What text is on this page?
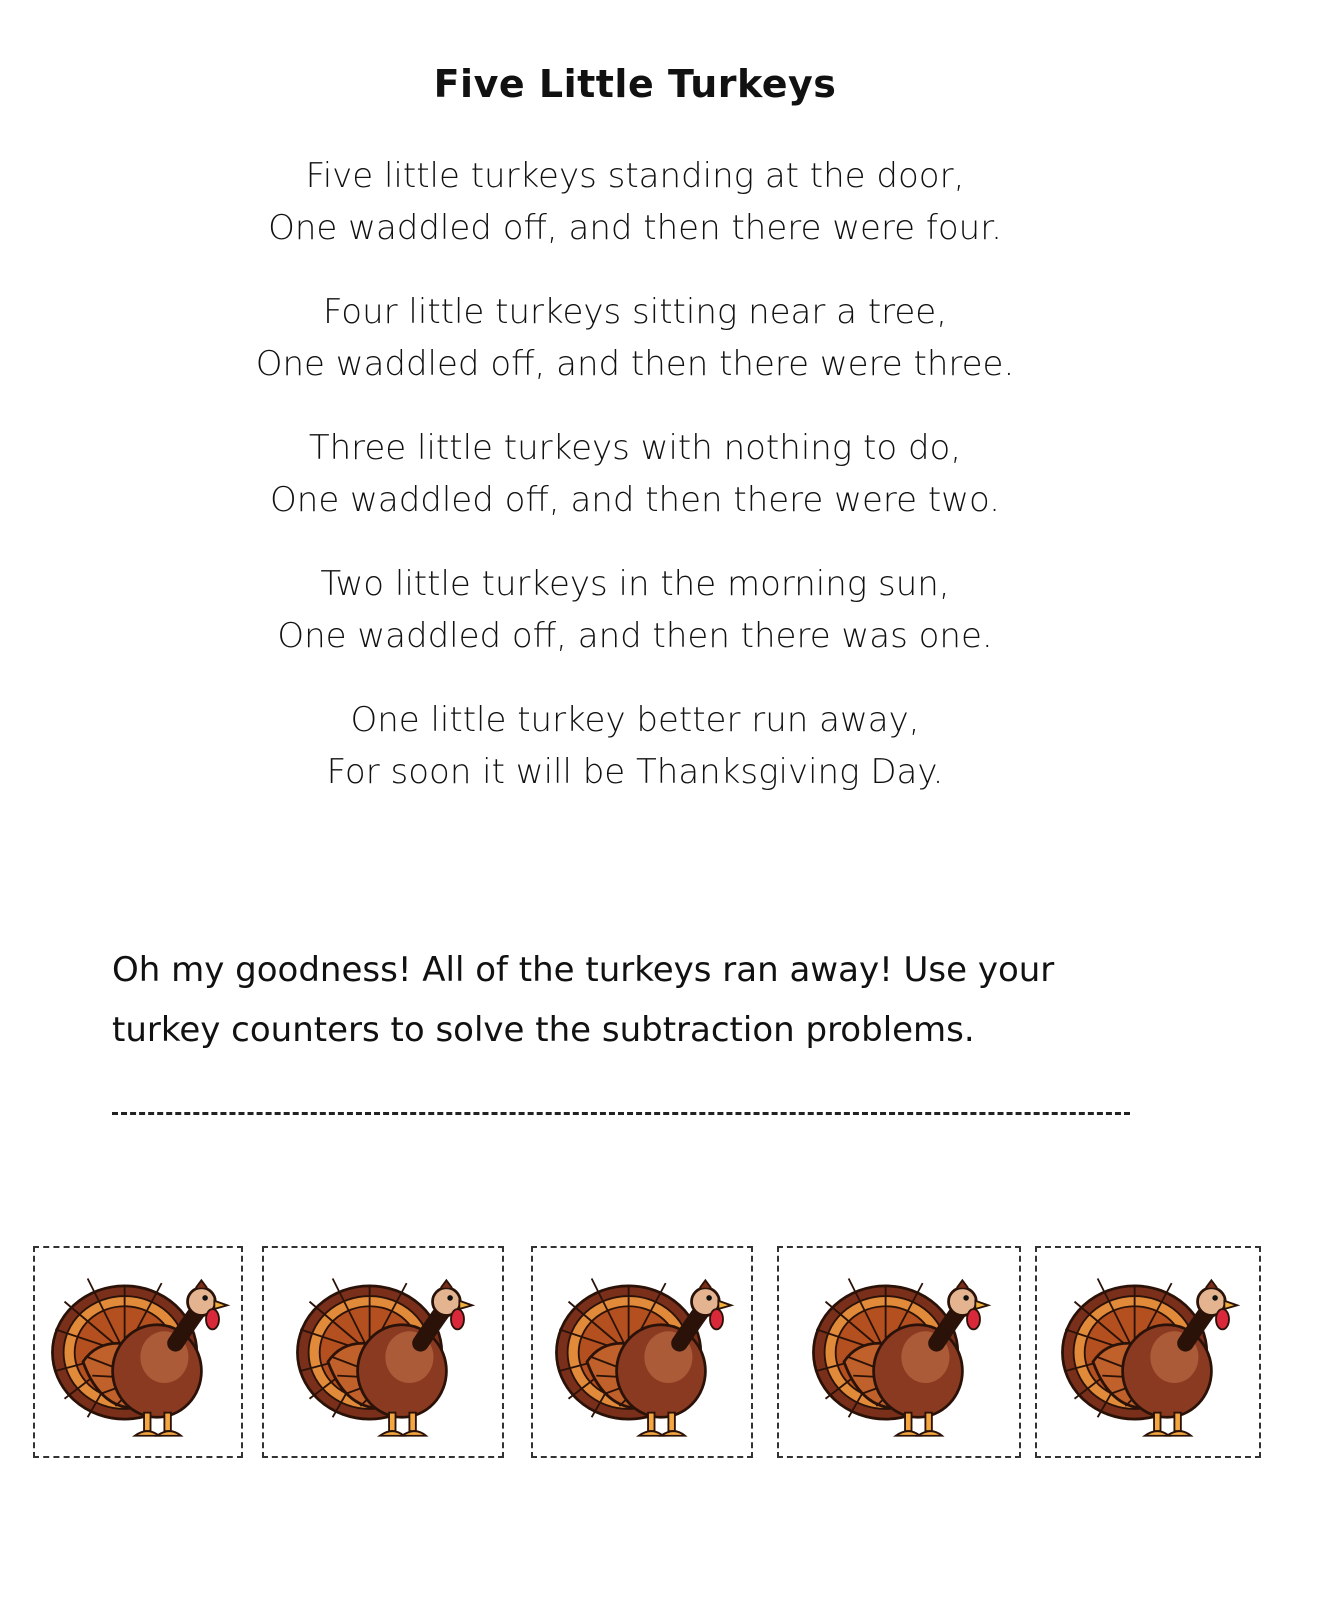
Five Little Turkeys
Five little turkeys standing at the door,
One waddled off, and then there were four.
Four little turkeys sitting near a tree,
One waddled off, and then there were three.
Three little turkeys with nothing to do,
One waddled off, and then there were two.
Two little turkeys in the morning sun,
One waddled off, and then there was one.
One little turkey better run away,
For soon it will be Thanksgiving Day.

Oh my goodness! All of the turkeys ran away! Use your turkey counters to solve the subtraction problems.
